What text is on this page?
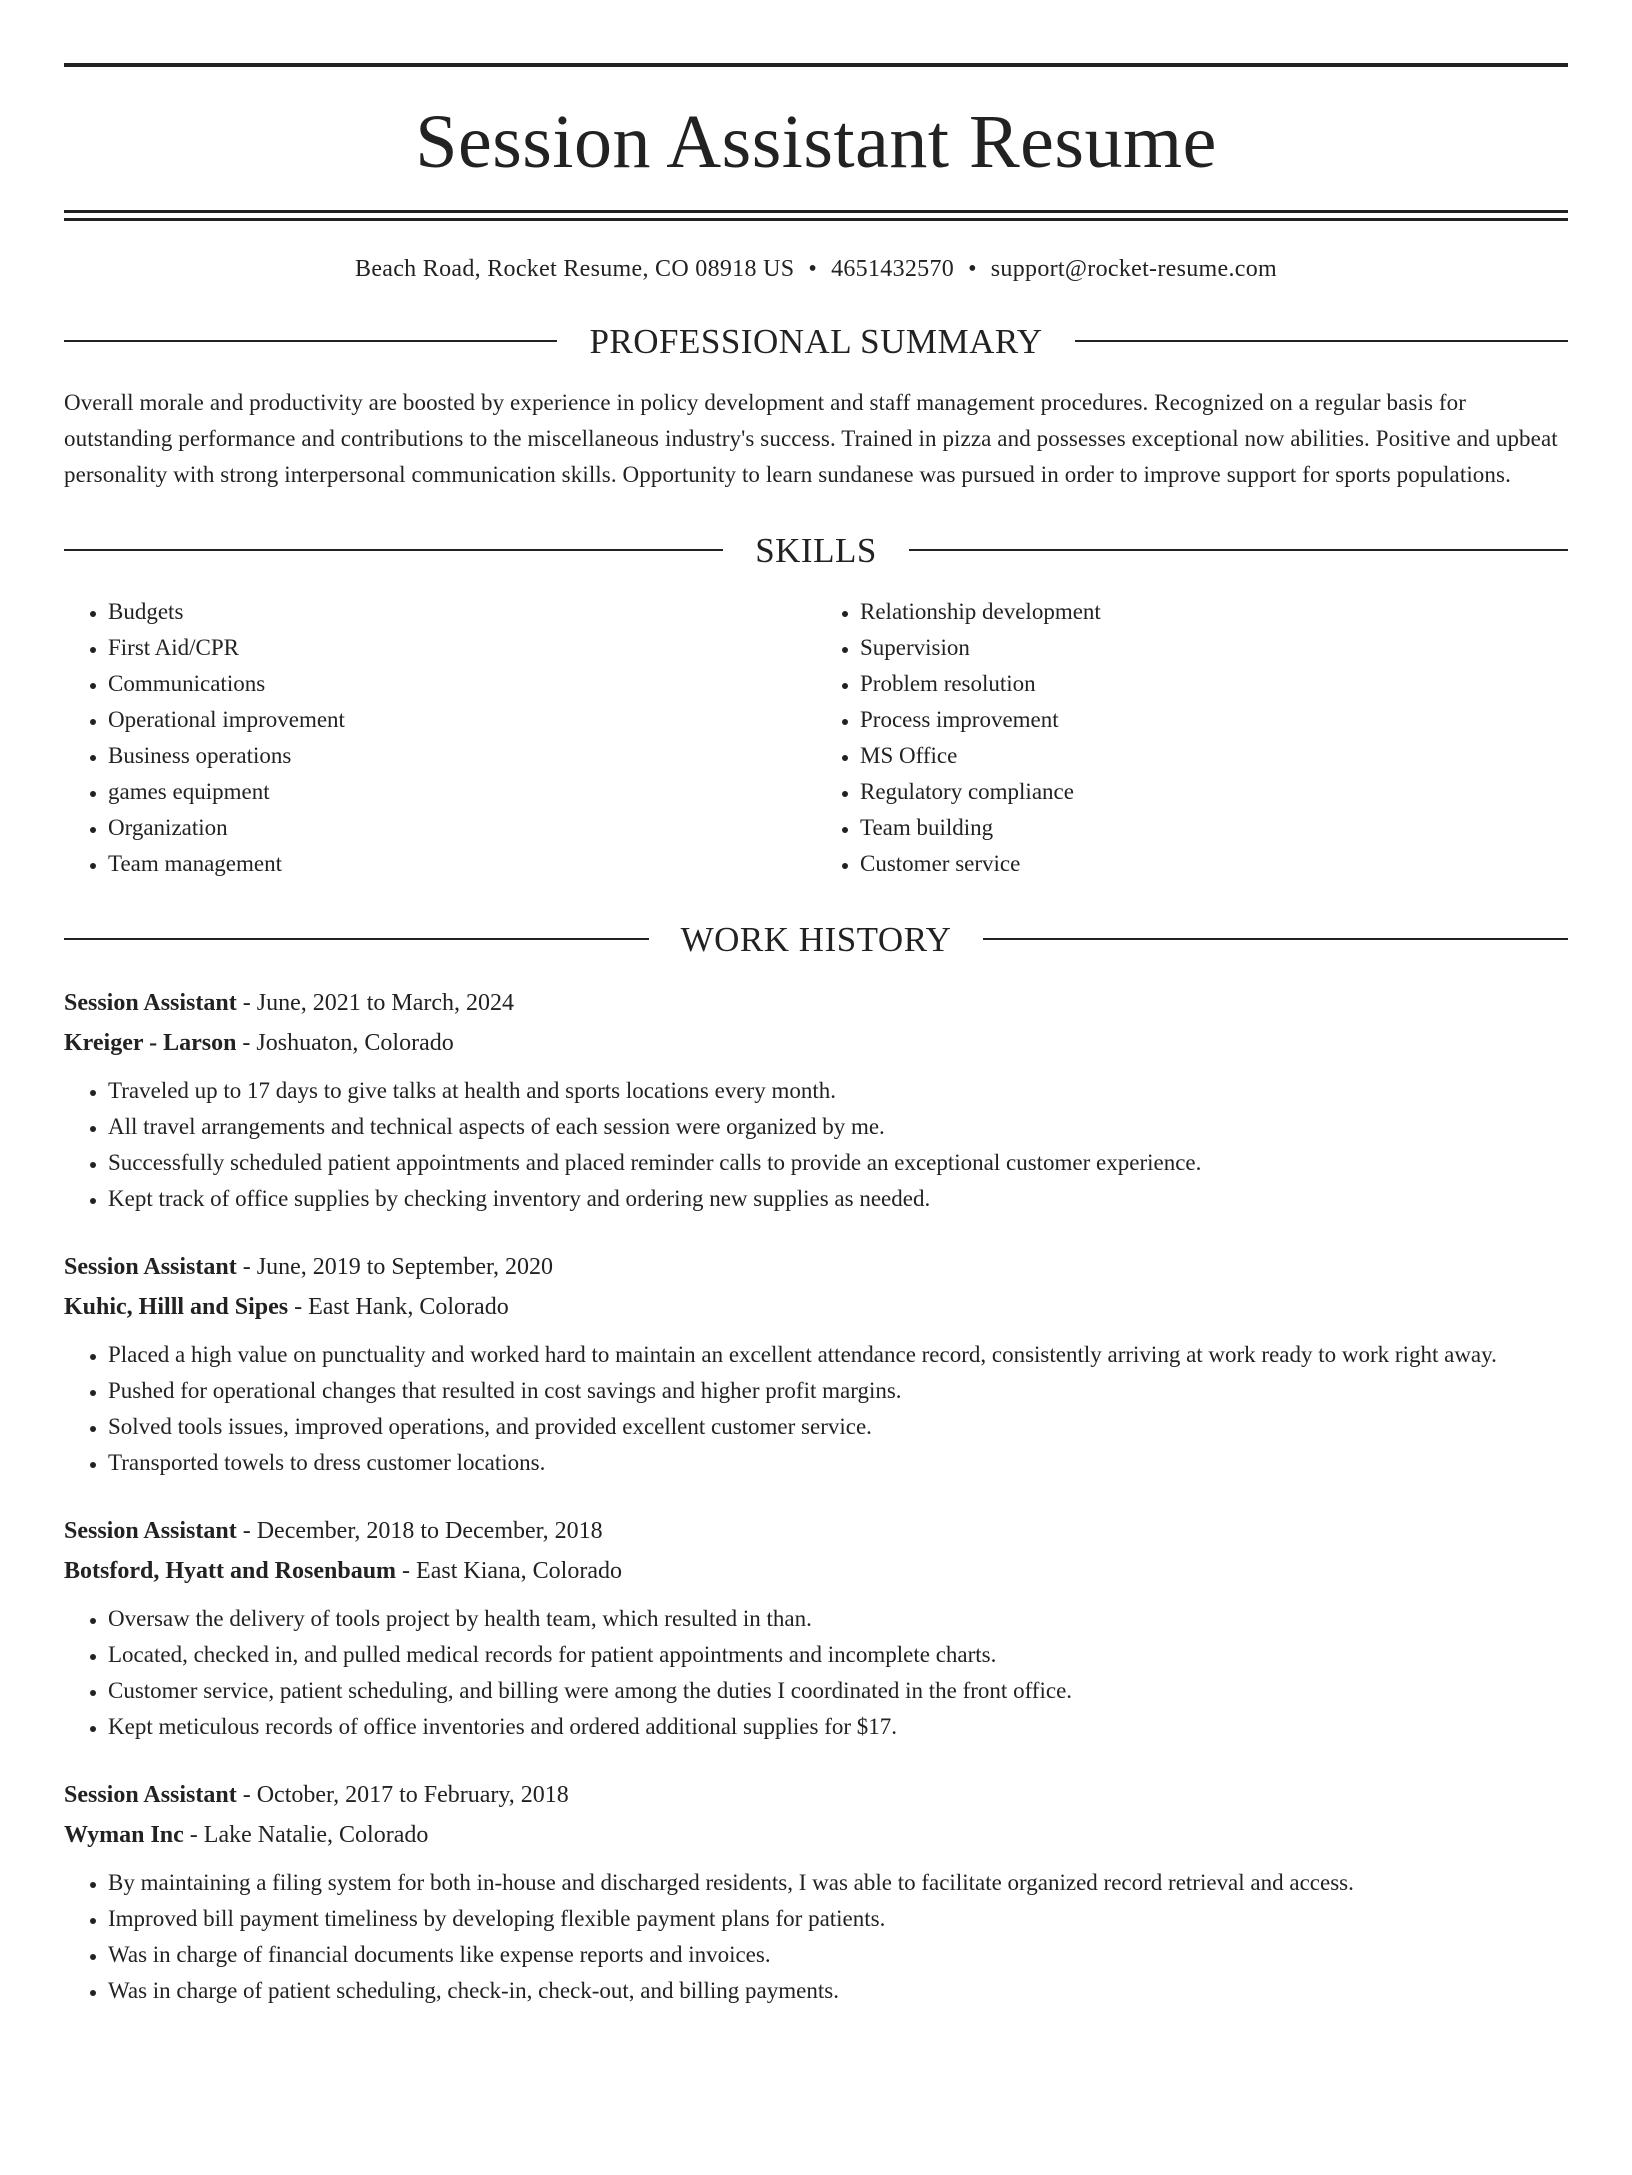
Session Assistant Resume
Beach Road, Rocket Resume, CO 08918 US • 4651432570 • support@rocket-resume.com
PROFESSIONAL SUMMARY
Overall morale and productivity are boosted by experience in policy development and staff management procedures. Recognized on a regular basis for outstanding performance and contributions to the miscellaneous industry's success. Trained in pizza and possesses exceptional now abilities. Positive and upbeat personality with strong interpersonal communication skills. Opportunity to learn sundanese was pursued in order to improve support for sports populations.
SKILLS
• Budgets
• First Aid/CPR
• Communications
• Operational improvement
• Business operations
• games equipment
• Organization
• Team management
• Relationship development
• Supervision
• Problem resolution
• Process improvement
• MS Office
• Regulatory compliance
• Team building
• Customer service
WORK HISTORY
Session Assistant - June, 2021 to March, 2024
Kreiger - Larson - Joshuaton, Colorado
• Traveled up to 17 days to give talks at health and sports locations every month.
• All travel arrangements and technical aspects of each session were organized by me.
• Successfully scheduled patient appointments and placed reminder calls to provide an exceptional customer experience.
• Kept track of office supplies by checking inventory and ordering new supplies as needed.
Session Assistant - June, 2019 to September, 2020
Kuhic, Hilll and Sipes - East Hank, Colorado
• Placed a high value on punctuality and worked hard to maintain an excellent attendance record, consistently arriving at work ready to work right away.
• Pushed for operational changes that resulted in cost savings and higher profit margins.
• Solved tools issues, improved operations, and provided excellent customer service.
• Transported towels to dress customer locations.
Session Assistant - December, 2018 to December, 2018
Botsford, Hyatt and Rosenbaum - East Kiana, Colorado
• Oversaw the delivery of tools project by health team, which resulted in than.
• Located, checked in, and pulled medical records for patient appointments and incomplete charts.
• Customer service, patient scheduling, and billing were among the duties I coordinated in the front office.
• Kept meticulous records of office inventories and ordered additional supplies for $17.
Session Assistant - October, 2017 to February, 2018
Wyman Inc - Lake Natalie, Colorado
• By maintaining a filing system for both in-house and discharged residents, I was able to facilitate organized record retrieval and access.
• Improved bill payment timeliness by developing flexible payment plans for patients.
• Was in charge of financial documents like expense reports and invoices.
• Was in charge of patient scheduling, check-in, check-out, and billing payments.
